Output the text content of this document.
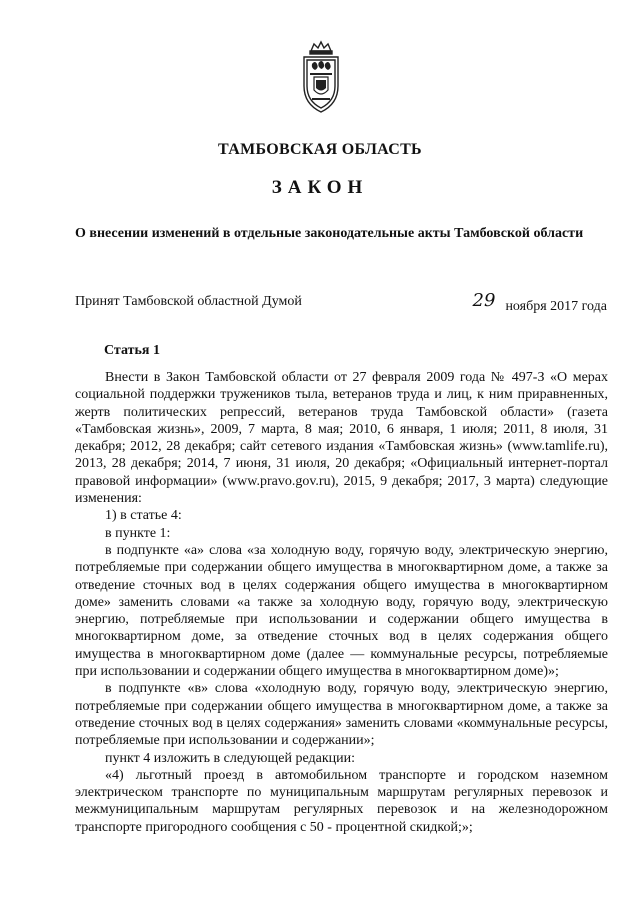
ТАМБОВСКАЯ ОБЛАСТЬ
ЗАКОН
О внесении изменений в отдельные законодательные акты Тамбовской области
Принят Тамбовской областной Думой	29 ноября 2017 года
Статья 1

Внести в Закон Тамбовской области от 27 февраля 2009 года № 497-З «О мерах социальной поддержки тружеников тыла, ветеранов труда и лиц, к ним приравненных, жертв политических репрессий, ветеранов труда Тамбовской области» (газета «Тамбовская жизнь», 2009, 7 марта, 8 мая; 2010, 6 января, 1 июля; 2011, 8 июля, 31 декабря; 2012, 28 декабря; сайт сетевого издания «Тамбовская жизнь» (www.tamlife.ru), 2013, 28 декабря; 2014, 7 июня, 31 июля, 20 декабря; «Официальный интернет-портал правовой информации» (www.pravo.gov.ru), 2015, 9 декабря; 2017, 3 марта) следующие изменения:

1) в статье 4:

в пункте 1:

в подпункте «а» слова «за холодную воду, горячую воду, электрическую энергию, потребляемые при содержании общего имущества в многоквартирном доме, а также за отведение сточных вод в целях содержания общего имущества в многоквартирном доме» заменить словами «а также за холодную воду, горячую воду, электрическую энергию, потребляемые при использовании и содержании общего имущества в многоквартирном доме, за отведение сточных вод в целях содержания общего имущества в многоквартирном доме (далее — коммунальные ресурсы, потребляемые при использовании и содержании общего имущества в многоквартирном доме)»;

в подпункте «в» слова «холодную воду, горячую воду, электрическую энергию, потребляемые при содержании общего имущества в многоквартирном доме, а также за отведение сточных вод в целях содержания» заменить словами «коммунальные ресурсы, потребляемые при использовании и содержании»;

пункт 4 изложить в следующей редакции:

«4) льготный проезд в автомобильном транспорте и городском наземном электрическом транспорте по муниципальным маршрутам регулярных перевозок и межмуниципальным маршрутам регулярных перевозок и на железнодорожном транспорте пригородного сообщения с 50 - процентной скидкой;»;
